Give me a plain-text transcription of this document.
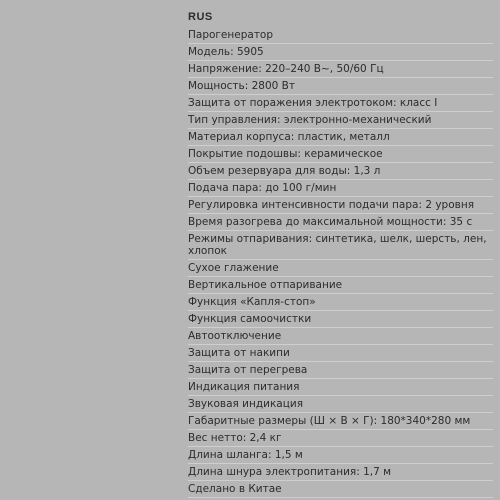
RUS
Парогенератор
Модель: 5905
Напряжение: 220–240 В~, 50/60 Гц
Мощность: 2800 Вт
Защита от поражения электротоком: класс I
Тип управления: электронно-механический
Материал корпуса: пластик, металл
Покрытие подошвы: керамическое
Объем резервуара для воды: 1,3 л
Подача пара: до 100 г/мин
Регулировка интенсивности подачи пара: 2 уровня
Время разогрева до максимальной мощности: 35 с
Режимы отпаривания: синтетика, шелк, шерсть, лен, хлопок
Сухое глажение
Вертикальное отпаривание
Функция «Капля-стоп»
Функция самоочистки
Автоотключение
Защита от накипи
Защита от перегрева
Индикация питания
Звуковая индикация
Габаритные размеры (Ш × В × Г): 180*340*280 мм
Вес нетто: 2,4 кг
Длина шланга: 1,5 м
Длина шнура электропитания: 1,7 м
Сделано в Китае
